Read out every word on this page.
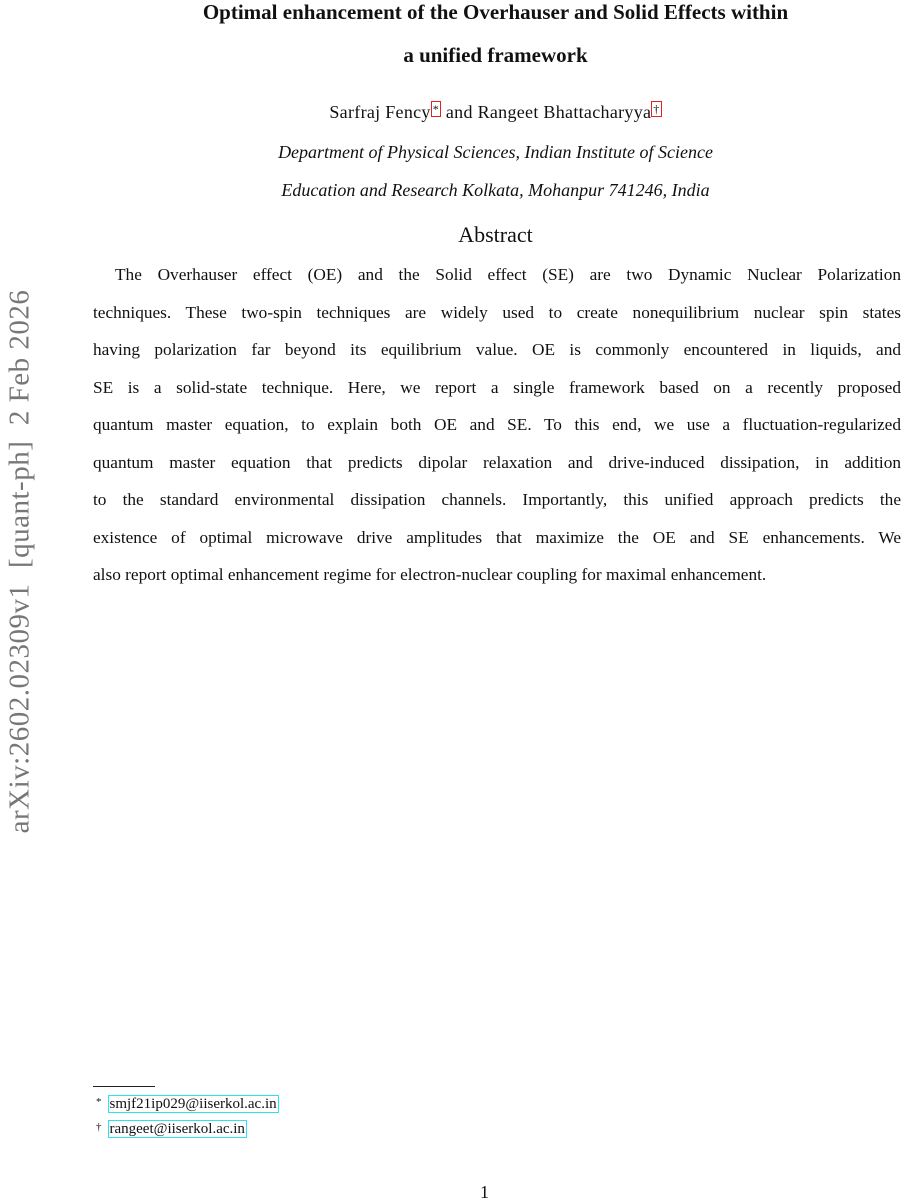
Optimal enhancement of the Overhauser and Solid Effects within
a unified framework
Sarfraj Fency * and Rangeet Bhattacharyya †
Department of Physical Sciences, Indian Institute of Science
Education and Research Kolkata, Mohanpur 741246, India
Abstract
The Overhauser effect (OE) and the Solid effect (SE) are two Dynamic Nuclear Polarization
techniques. These two-spin techniques are widely used to create nonequilibrium nuclear spin states
having polarization far beyond its equilibrium value. OE is commonly encountered in liquids, and
SE is a solid-state technique. Here, we report a single framework based on a recently proposed
quantum master equation, to explain both OE and SE. To this end, we use a fluctuation-regularized
quantum master equation that predicts dipolar relaxation and drive-induced dissipation, in addition
to the standard environmental dissipation channels. Importantly, this unified approach predicts the
existence of optimal microwave drive amplitudes that maximize the OE and SE enhancements. We
also report optimal enhancement regime for electron-nuclear coupling for maximal enhancement.
arXiv:2602.02309v1  [quant-ph]  2 Feb 2026
* smjf21ip029@iiserkol.ac.in
† rangeet@iiserkol.ac.in
1
